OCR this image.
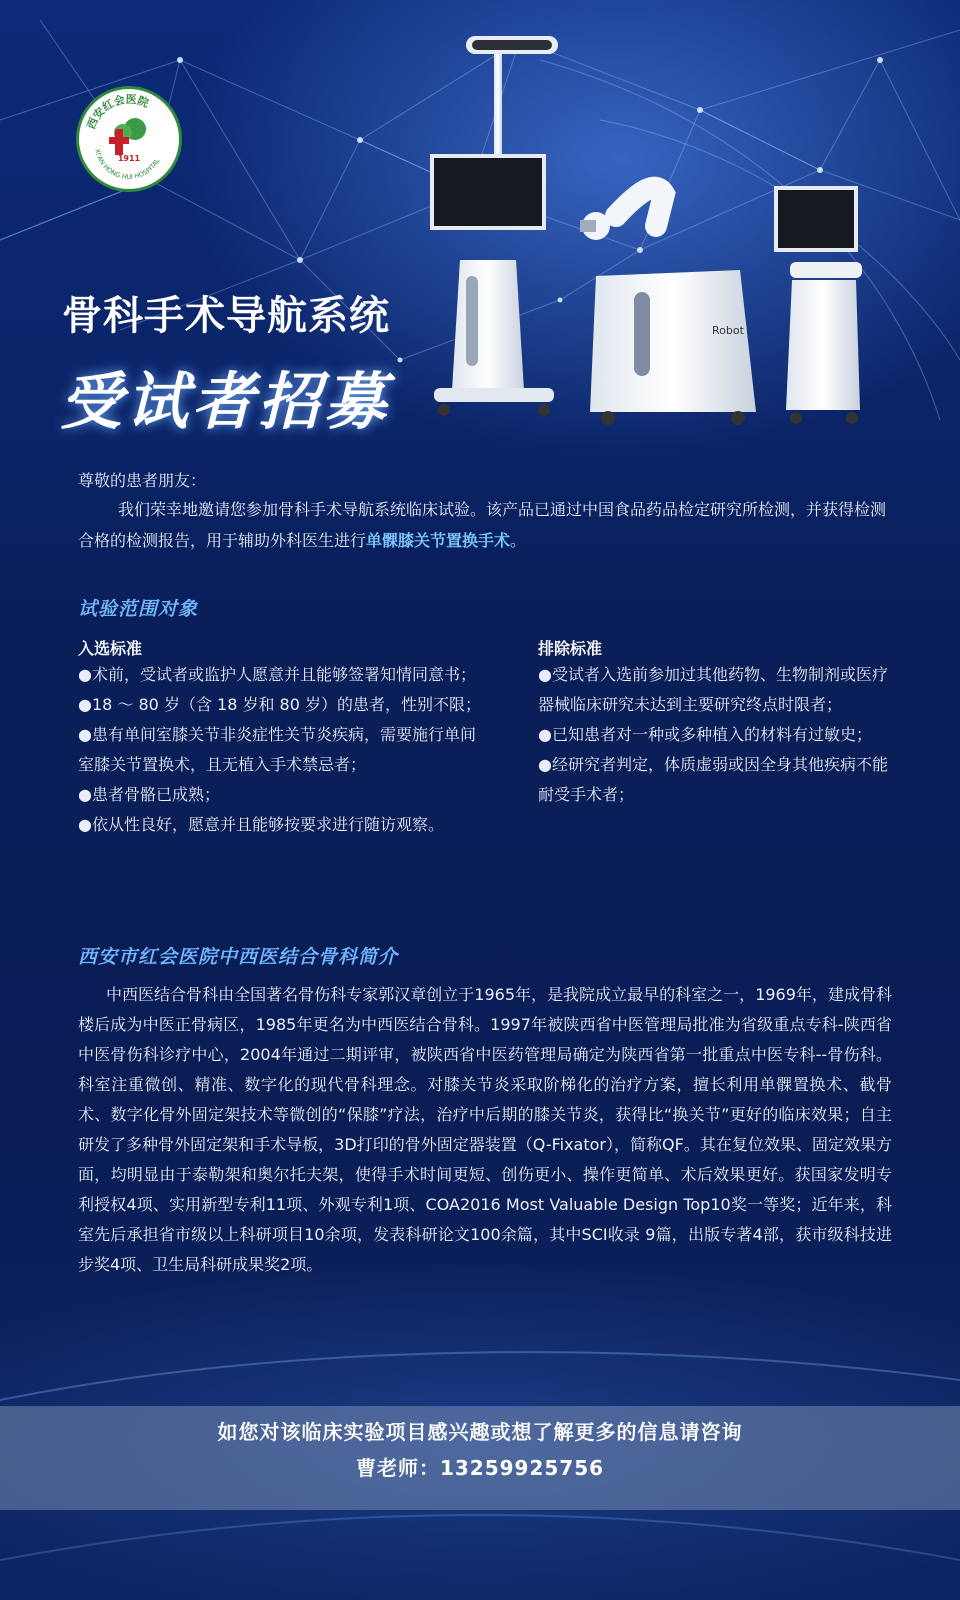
西安红会医院
XI'AN HONG HUI HOSPITAL
1911
Robot
骨科手术导航系统
受试者招募
尊敬的患者朋友：
我们荣幸地邀请您参加骨科手术导航系统临床试验。该产品已通过中国食品药品检定研究所检测，并获得检测合格的检测报告，用于辅助外科医生进行单髁膝关节置换手术。
试验范围对象
入选标准

●术前，受试者或监护人愿意并且能够签署知情同意书；

●18 ～ 80 岁（含 18 岁和 80 岁）的患者，性别不限；

●患有单间室膝关节非炎症性关节炎疾病，需要施行单间室膝关节置换术，且无植入手术禁忌者；

●患者骨骼已成熟；

●依从性良好，愿意并且能够按要求进行随访观察。

排除标准

●受试者入选前参加过其他药物、生物制剂或医疗器械临床研究未达到主要研究终点时限者；

●已知患者对一种或多种植入的材料有过敏史；

●经研究者判定，体质虚弱或因全身其他疾病不能耐受手术者；

西安市红会医院中西医结合骨科简介
中西医结合骨科由全国著名骨伤科专家郭汉章创立于1965年，是我院成立最早的科室之一，1969年，建成骨科楼后成为中医正骨病区，1985年更名为中西医结合骨科。1997年被陕西省中医管理局批准为省级重点专科-陕西省中医骨伤科诊疗中心，2004年通过二期评审，被陕西省中医药管理局确定为陕西省第一批重点中医专科--骨伤科。科室注重微创、精准、数字化的现代骨科理念。对膝关节炎采取阶梯化的治疗方案，擅长利用单髁置换术、截骨术、数字化骨外固定架技术等微创的“保膝”疗法，治疗中后期的膝关节炎，获得比“换关节”更好的临床效果；自主研发了多种骨外固定架和手术导板，3D打印的骨外固定器装置（Q-Fixator），简称QF。其在复位效果、固定效果方面，均明显由于泰勒架和奥尔托夫架，使得手术时间更短、创伤更小、操作更简单、术后效果更好。获国家发明专利授权4项、实用新型专利11项、外观专利1项、COA2016 Most Valuable Design Top10奖一等奖；近年来，科室先后承担省市级以上科研项目10余项，发表科研论文100余篇，其中SCI收录 9篇，出版专著4部，获市级科技进步奖4项、卫生局科研成果奖2项。
如您对该临床实验项目感兴趣或想了解更多的信息请咨询
曹老师：13259925756
